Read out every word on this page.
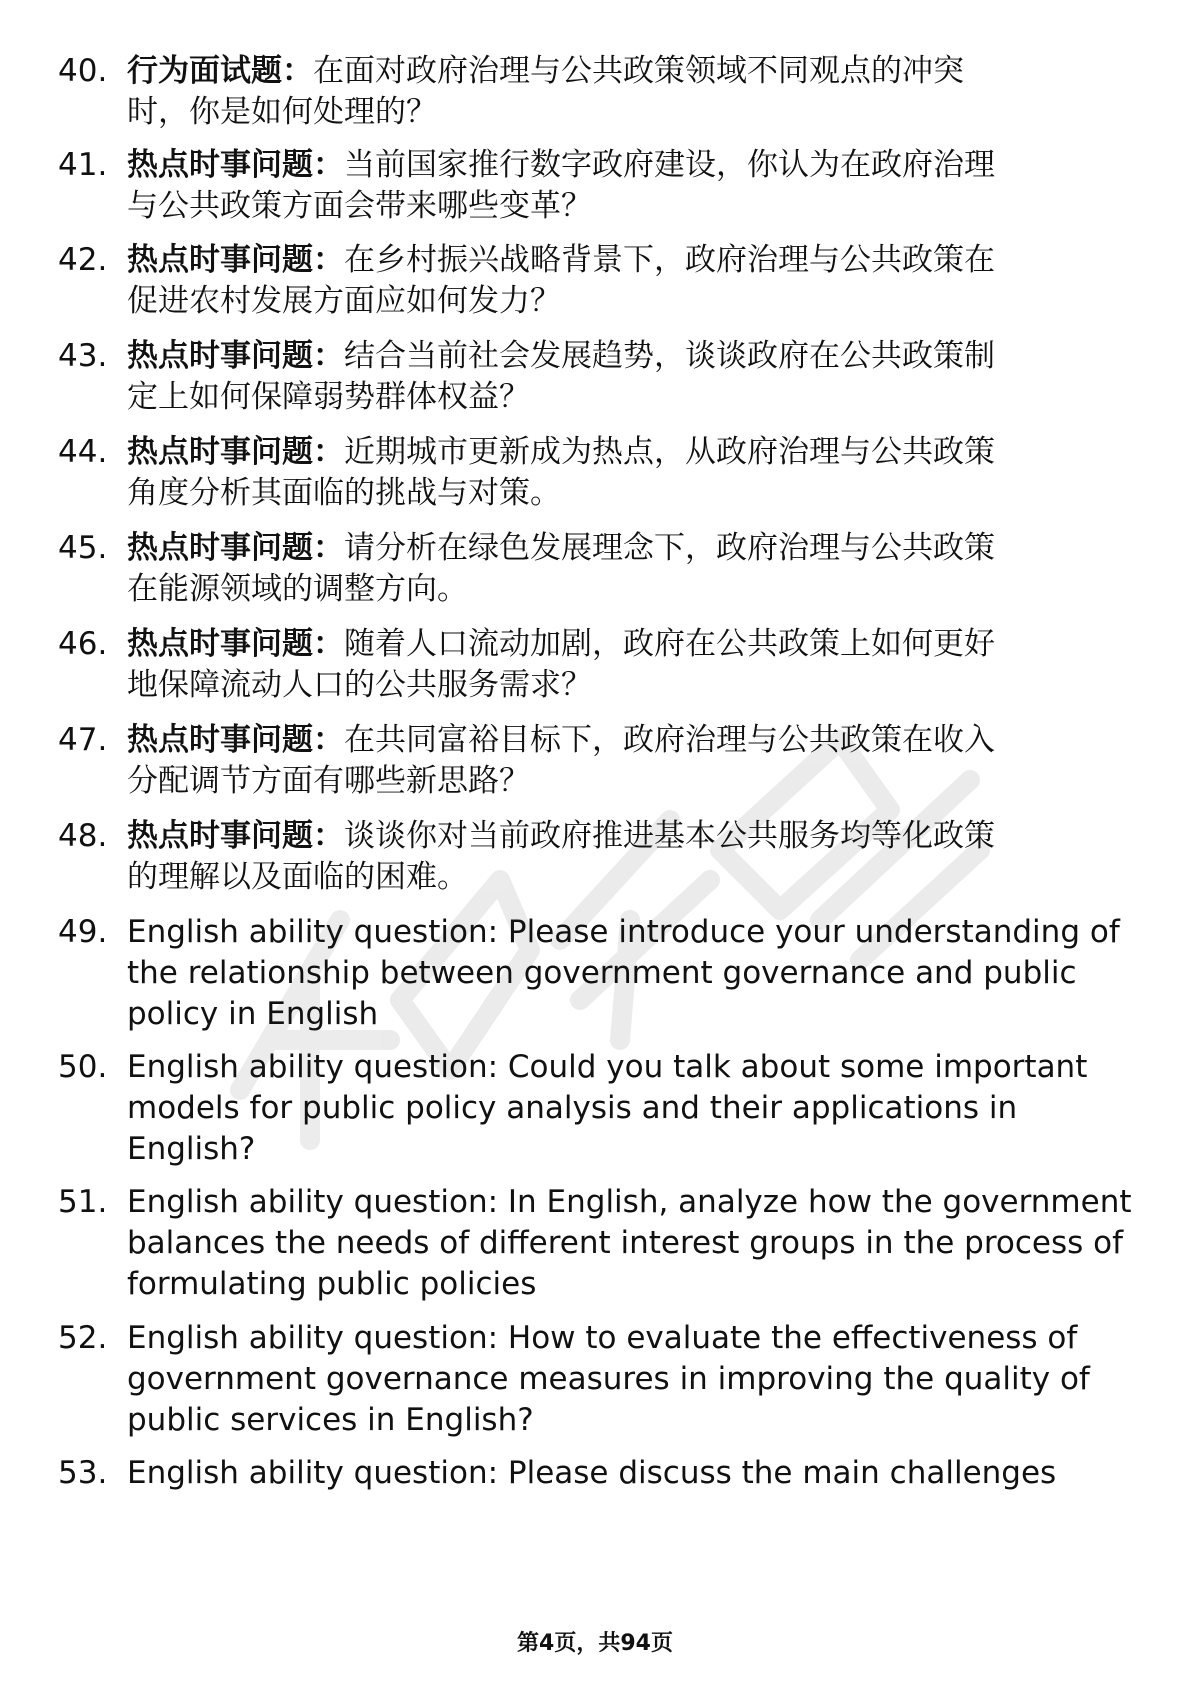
40. 行为面试题：在面对政府治理与公共政策领域不同观点的冲突
时，你是如何处理的？
41. 热点时事问题：当前国家推行数字政府建设，你认为在政府治理
与公共政策方面会带来哪些变革？
42. 热点时事问题：在乡村振兴战略背景下，政府治理与公共政策在
促进农村发展方面应如何发力？
43. 热点时事问题：结合当前社会发展趋势，谈谈政府在公共政策制
定上如何保障弱势群体权益？
44. 热点时事问题：近期城市更新成为热点，从政府治理与公共政策
角度分析其面临的挑战与对策。
45. 热点时事问题：请分析在绿色发展理念下，政府治理与公共政策
在能源领域的调整方向。
46. 热点时事问题：随着人口流动加剧，政府在公共政策上如何更好
地保障流动人口的公共服务需求？
47. 热点时事问题：在共同富裕目标下，政府治理与公共政策在收入
分配调节方面有哪些新思路？
48. 热点时事问题：谈谈你对当前政府推进基本公共服务均等化政策
的理解以及面临的困难。
49. English ability question: Please introduce your understanding of
the relationship between government governance and public
policy in English
50. English ability question: Could you talk about some important
models for public policy analysis and their applications in
English?
51. English ability question: In English, analyze how the government
balances the needs of different interest groups in the process of
formulating public policies
52. English ability question: How to evaluate the effectiveness of
government governance measures in improving the quality of
public services in English?
53. English ability question: Please discuss the main challenges
第4页，共94页
